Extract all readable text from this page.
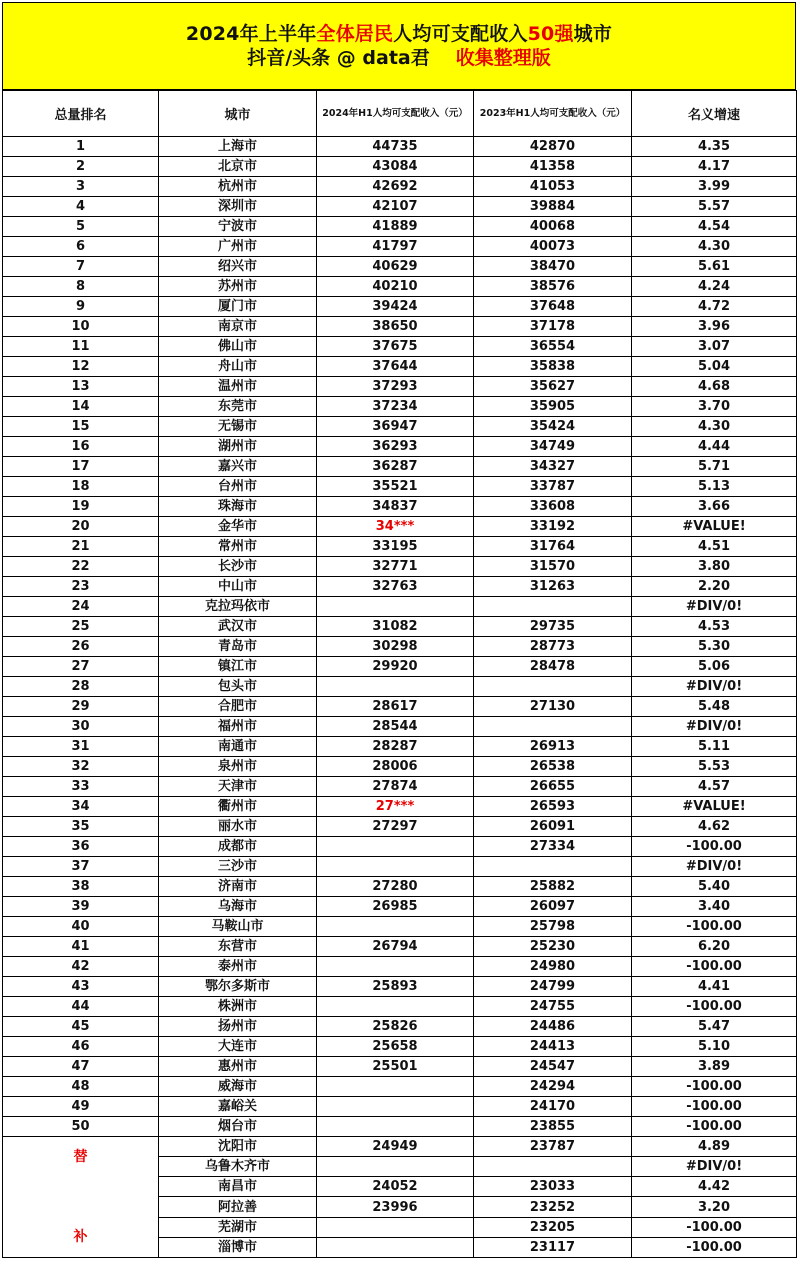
2024年上半年全体居民人均可支配收入50强城市
抖音/头条 @ data君 收集整理版
总量排名	城市	2024年H1人均可支配收入（元）	2023年H1人均可支配收入（元）	名义增速
1	上海市	44735	42870	4.35
2	北京市	43084	41358	4.17
3	杭州市	42692	41053	3.99
4	深圳市	42107	39884	5.57
5	宁波市	41889	40068	4.54
6	广州市	41797	40073	4.30
7	绍兴市	40629	38470	5.61
8	苏州市	40210	38576	4.24
9	厦门市	39424	37648	4.72
10	南京市	38650	37178	3.96
11	佛山市	37675	36554	3.07
12	舟山市	37644	35838	5.04
13	温州市	37293	35627	4.68
14	东莞市	37234	35905	3.70
15	无锡市	36947	35424	4.30
16	湖州市	36293	34749	4.44
17	嘉兴市	36287	34327	5.71
18	台州市	35521	33787	5.13
19	珠海市	34837	33608	3.66
20	金华市	34***	33192	#VALUE!
21	常州市	33195	31764	4.51
22	长沙市	32771	31570	3.80
23	中山市	32763	31263	2.20
24	克拉玛依市			#DIV/0!
25	武汉市	31082	29735	4.53
26	青岛市	30298	28773	5.30
27	镇江市	29920	28478	5.06
28	包头市			#DIV/0!
29	合肥市	28617	27130	5.48
30	福州市	28544		#DIV/0!
31	南通市	28287	26913	5.11
32	泉州市	28006	26538	5.53
33	天津市	27874	26655	4.57
34	衢州市	27***	26593	#VALUE!
35	丽水市	27297	26091	4.62
36	成都市		27334	-100.00
37	三沙市			#DIV/0!
38	济南市	27280	25882	5.40
39	乌海市	26985	26097	3.40
40	马鞍山市		25798	-100.00
41	东营市	26794	25230	6.20
42	泰州市		24980	-100.00
43	鄂尔多斯市	25893	24799	4.41
44	株洲市		24755	-100.00
45	扬州市	25826	24486	5.47
46	大连市	25658	24413	5.10
47	惠州市	25501	24547	3.89
48	威海市		24294	-100.00
49	嘉峪关		24170	-100.00
50	烟台市		23855	-100.00
替

补	沈阳市	24949	23787	4.89
	乌鲁木齐市			#DIV/0!
	南昌市	24052	23033	4.42
	阿拉善	23996	23252	3.20
	芜湖市		23205	-100.00
	淄博市		23117	-100.00
